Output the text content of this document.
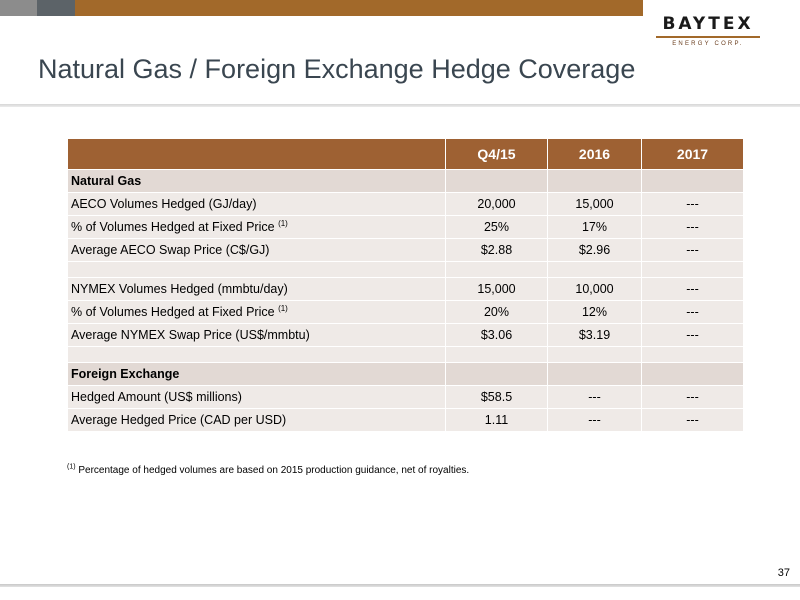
BAYTEX
ENERGY CORP.
Natural Gas / Foreign Exchange Hedge Coverage
	Q4/15	2016	2017
Natural Gas			
AECO Volumes Hedged (GJ/day)	20,000	15,000	---
% of Volumes Hedged at Fixed Price $^{(1)}$	25%	17%	---
Average AECO Swap Price (C$/GJ)	$2.88	$2.96	---

NYMEX Volumes Hedged (mmbtu/day)	15,000	10,000	---
% of Volumes Hedged at Fixed Price $^{(1)}$	20%	12%	---
Average NYMEX Swap Price (US$/mmbtu)	$3.06	$3.19	---

Foreign Exchange			
Hedged Amount (US$ millions)	$58.5	---	---
Average Hedged Price (CAD per USD)	1.11	---	---
$^{(1)}$ Percentage of hedged volumes are based on 2015 production guidance, net of royalties.
37
